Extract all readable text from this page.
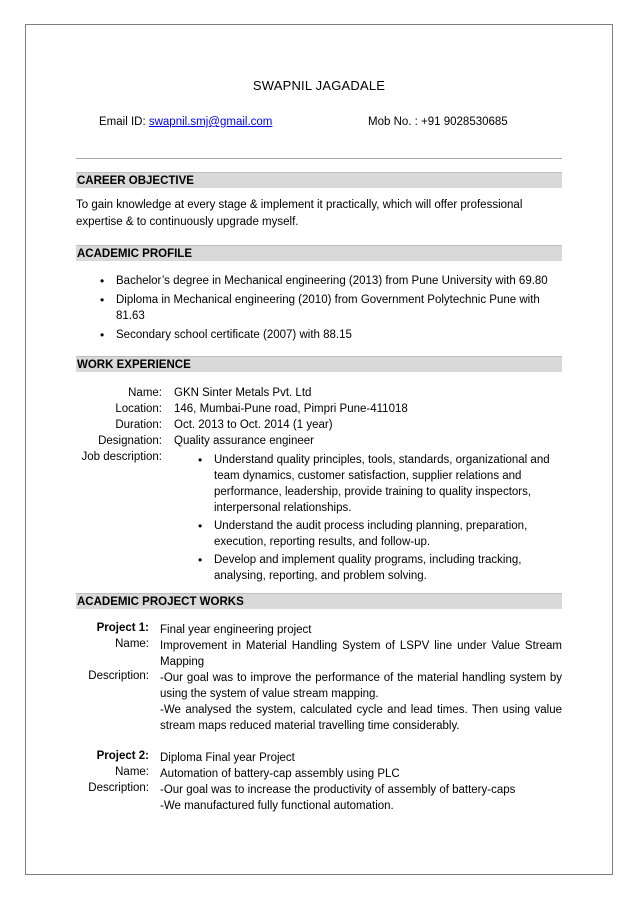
SWAPNIL JAGADALE
Email ID: swapnil.smj@gmail.com	Mob No. : +91 9028530685
CAREER OBJECTIVE
To gain knowledge at every stage & implement it practically, which will offer professional
expertise & to continuously upgrade myself.
ACADEMIC PROFILE
• Bachelor’s degree in Mechanical engineering (2013) from Pune University with 69.80
• Diploma in Mechanical engineering (2010) from Government Polytechnic Pune with 81.63
• Secondary school certificate (2007) with 88.15
WORK EXPERIENCE
Name: GKN Sinter Metals Pvt. Ltd
Location: 146, Mumbai-Pune road, Pimpri Pune-411018
Duration: Oct. 2013 to Oct. 2014 (1 year)
Designation: Quality assurance engineer
Job description:
•	Understand quality principles, tools, standards, organizational and team dynamics, customer satisfaction, supplier relations and performance, leadership, provide training to quality inspectors, interpersonal relationships.
• Understand the audit process including planning, preparation, execution, reporting results, and follow-up.
• Develop and implement quality programs, including tracking, analysing, reporting, and problem solving.
ACADEMIC PROJECT WORKS
Project 1: Final year engineering project
Name: Improvement in Material Handling System of LSPV line under Value Stream Mapping
Description: -Our goal was to improve the performance of the material handling system by using the system of value stream mapping.
-We analysed the system, calculated cycle and lead times. Then using value stream maps reduced material travelling time considerably.
Project 2: Diploma Final year Project
Name: Automation of battery-cap assembly using PLC
Description: -Our goal was to increase the productivity of assembly of battery-caps
-We manufactured fully functional automation.
